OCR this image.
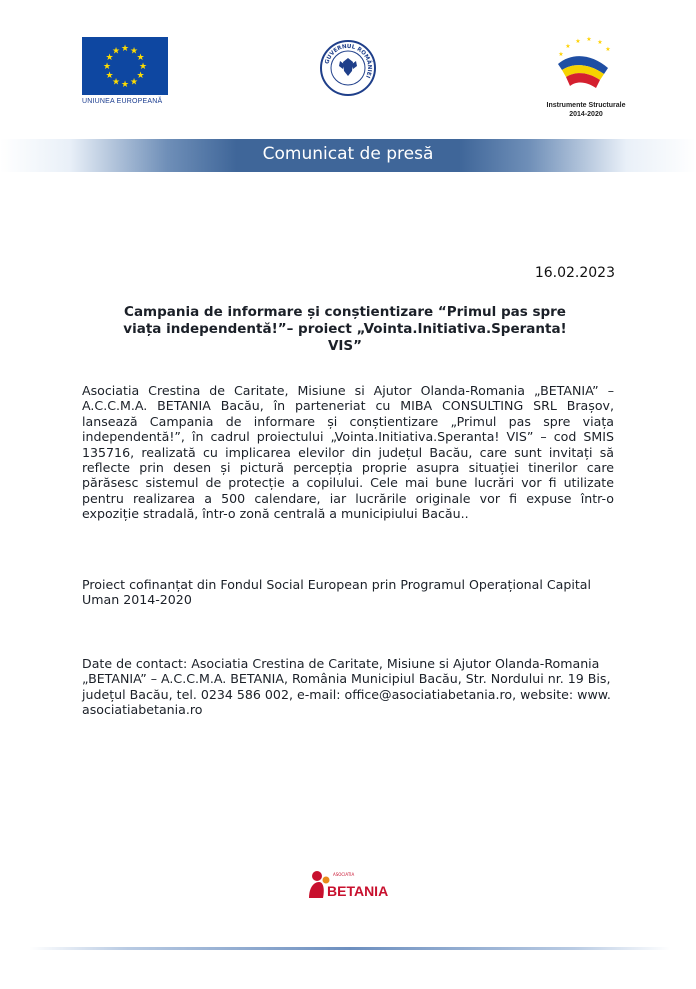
★ ★
★
★
★
★
★
★
★
★
★
★
UNIUNEA EUROPEANĂ
GUVERNUL ROMÂNIEI
★
★ ★ ★
★
★
Instrumente Structurale
2014-2020
Comunicat de presă
16.02.2023
Campania de informare și conștientizare “Primul pas spre
viața independentă!”– proiect „Vointa.Initiativa.Speranta!
VIS”
Asociatia Crestina de Caritate, Misiune si Ajutor Olanda-Romania „BETANIA” – A.C.C.M.A. BETANIA Bacău, în parteneriat cu MIBA CONSULTING SRL Brașov, lansează Campania de informare și conștientizare „Primul pas spre viața independentă!”, în cadrul proiectului „Vointa.Initiativa.Speranta! VIS” – cod SMIS 135716, realizată cu implicarea elevilor din județul Bacău, care sunt invitați să reflecte prin desen și pictură percepția proprie asupra situației tinerilor care părăsesc sistemul de protecție a copilului. Cele mai bune lucrări vor fi utilizate pentru realizarea a 500 calendare, iar lucrările originale vor fi expuse într-o expoziție stradală, într-o zonă centrală a municipiului Bacău..
Proiect cofinanțat din Fondul Social European prin Programul Operațional Capital Uman 2014-2020
Date de contact: Asociatia Crestina de Caritate, Misiune si Ajutor Olanda-Romania „BETANIA” – A.C.C.M.A. BETANIA, România Municipiul Bacău, Str. Nordului nr. 19 Bis, județul Bacău, tel. 0234 586 002, e-mail: office@asociatiabetania.ro, website: www. asociatiabetania.ro
ASOCIATIA
BETANIA
